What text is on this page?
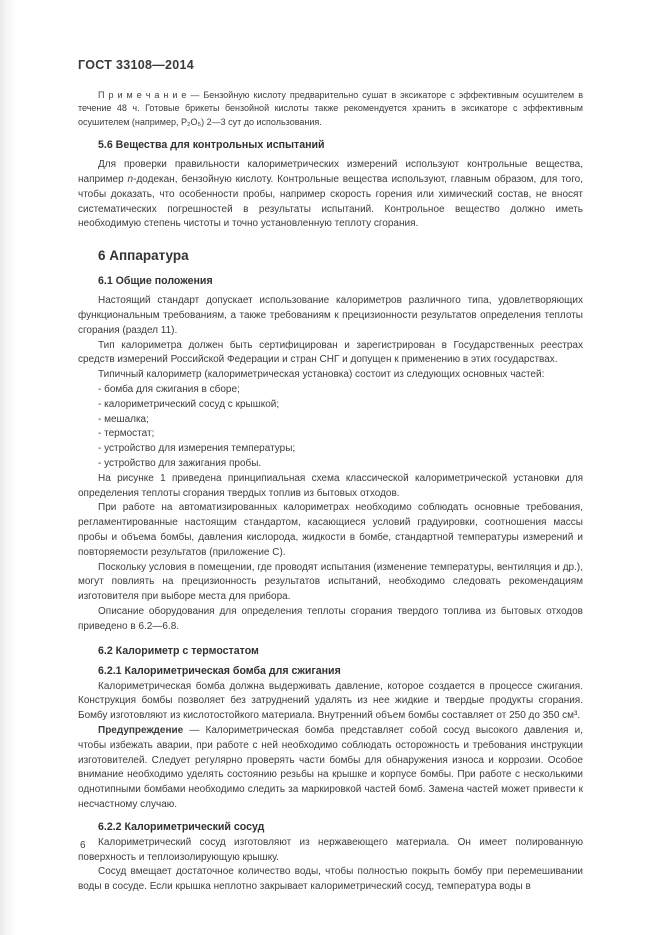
ГОСТ 33108—2014
П р и м е ч а н и е — Бензойную кислоту предварительно сушат в эксикаторе с эффективным осушителем в течение 48 ч. Готовые брикеты бензойной кислоты также рекомендуется хранить в эксикаторе с эффективным осушителем (например, P₂O₅) 2—3 сут до использования.
5.6 Вещества для контрольных испытаний

Для проверки правильности калориметрических измерений используют контрольные вещества, например n-додекан, бензойную кислоту. Контрольные вещества используют, главным образом, для того, чтобы доказать, что особенности пробы, например скорость горения или химический состав, не вносят систематических погрешностей в результаты испытаний. Контрольное вещество должно иметь необходимую степень чистоты и точно установленную теплоту сгорания.

6 Аппаратура
6.1 Общие положения

Настоящий стандарт допускает использование калориметров различного типа, удовлетворяющих функциональным требованиям, а также требованиям к прецизионности результатов определения теплоты сгорания (раздел 11).

Тип калориметра должен быть сертифицирован и зарегистрирован в Государственных реестрах средств измерений Российской Федерации и стран СНГ и допущен к применению в этих государствах.

Типичный калориметр (калориметрическая установка) состоит из следующих основных частей:

- бомба для сжигания в сборе;
- калориметрический сосуд с крышкой;
- мешалка;
- термостат;
- устройство для измерения температуры;
- устройство для зажигания пробы.

На рисунке 1 приведена принципиальная схема классической калориметрической установки для определения теплоты сгорания твердых топлив из бытовых отходов.

При работе на автоматизированных калориметрах необходимо соблюдать основные требования, регламентированные настоящим стандартом, касающиеся условий градуировки, соотношения массы пробы и объема бомбы, давления кислорода, жидкости в бомбе, стандартной температуры измерений и повторяемости результатов (приложение С).

Поскольку условия в помещении, где проводят испытания (изменение температуры, вентиляция и др.), могут повлиять на прецизионность результатов испытаний, необходимо следовать рекомендациям изготовителя при выборе места для прибора.

Описание оборудования для определения теплоты сгорания твердого топлива из бытовых отходов приведено в 6.2—6.8.

6.2 Калориметр с термостатом
6.2.1 Калориметрическая бомба для сжигания

Калориметрическая бомба должна выдерживать давление, которое создается в процессе сжигания. Конструкция бомбы позволяет без затруднений удалять из нее жидкие и твердые продукты сгорания. Бомбу изготовляют из кислотостойкого материала. Внутренний объем бомбы составляет от 250 до 350 см³.

Предупреждение — Калориметрическая бомба представляет собой сосуд высокого давления и, чтобы избежать аварии, при работе с ней необходимо соблюдать осторожность и требования инструкции изготовителей. Следует регулярно проверять части бомбы для обнаружения износа и коррозии. Особое внимание необходимо уделять состоянию резьбы на крышке и корпусе бомбы. При работе с несколькими однотипными бомбами необходимо следить за маркировкой частей бомб. Замена частей может привести к несчастному случаю.

6.2.2 Калориметрический сосуд

Калориметрический сосуд изготовляют из нержавеющего материала. Он имеет полированную поверхность и теплоизолирующую крышку.

Сосуд вмещает достаточное количество воды, чтобы полностью покрыть бомбу при перемешивании воды в сосуде. Если крышка неплотно закрывает калориметрический сосуд, температура воды в

6
